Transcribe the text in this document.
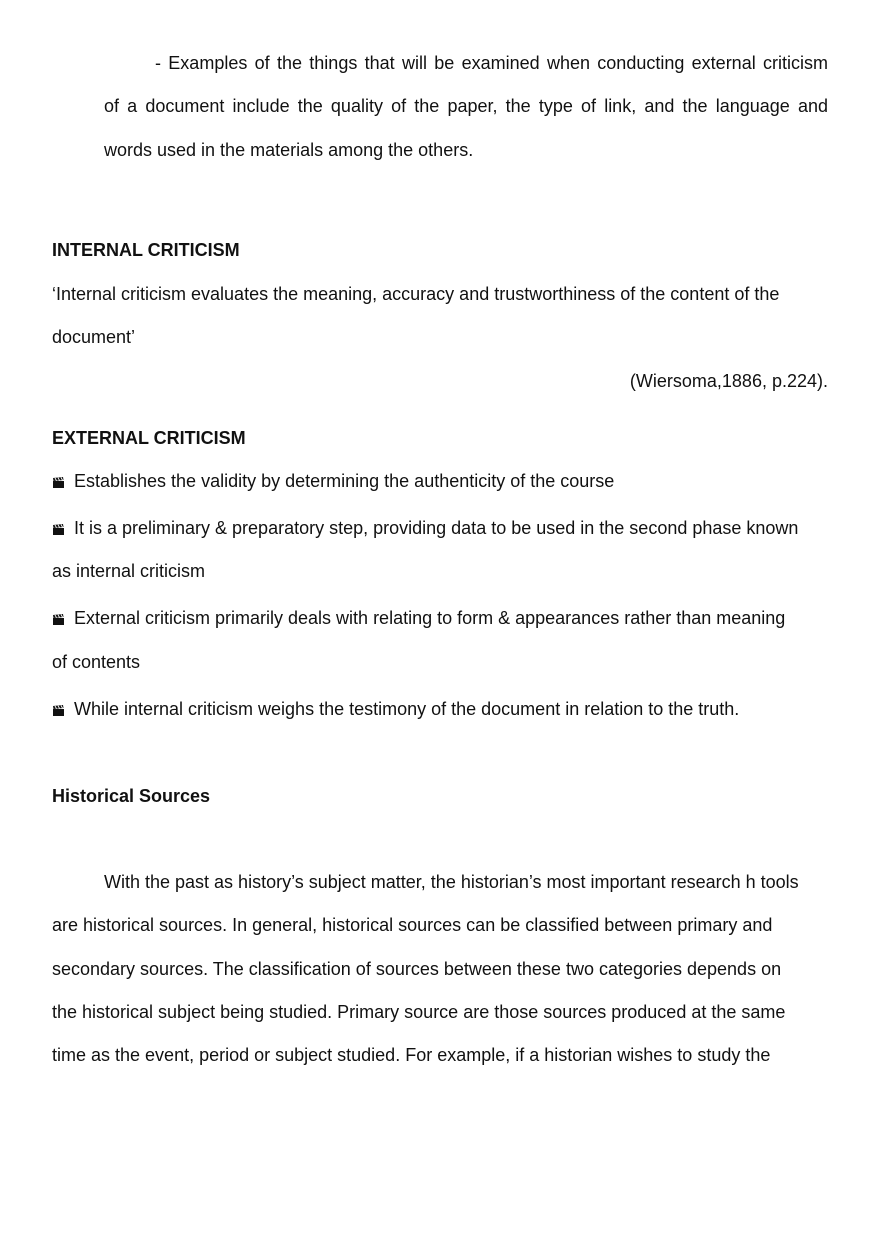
- Examples of the things that will be examined when conducting external criticism
of a document include the quality of the paper, the type of link, and the language and
words used in the materials among the others.
INTERNAL CRITICISM
‘Internal criticism evaluates the meaning, accuracy and trustworthiness of the content of the
document’
(Wiersoma,1886, p.224).
EXTERNAL CRITICISM
Establishes the validity by determining the authenticity of the course
It is a preliminary & preparatory step, providing data to be used in the second phase known
as internal criticism
External criticism primarily deals with relating to form & appearances rather than meaning
of contents
While internal criticism weighs the testimony of the document in relation to the truth.
Historical Sources
With the past as history’s subject matter, the historian’s most important research h tools
are historical sources. In general, historical sources can be classified between primary and
secondary sources. The classification of sources between these two categories depends on
the historical subject being studied. Primary source are those sources produced at the same
time as the event, period or subject studied. For example, if a historian wishes to study the
